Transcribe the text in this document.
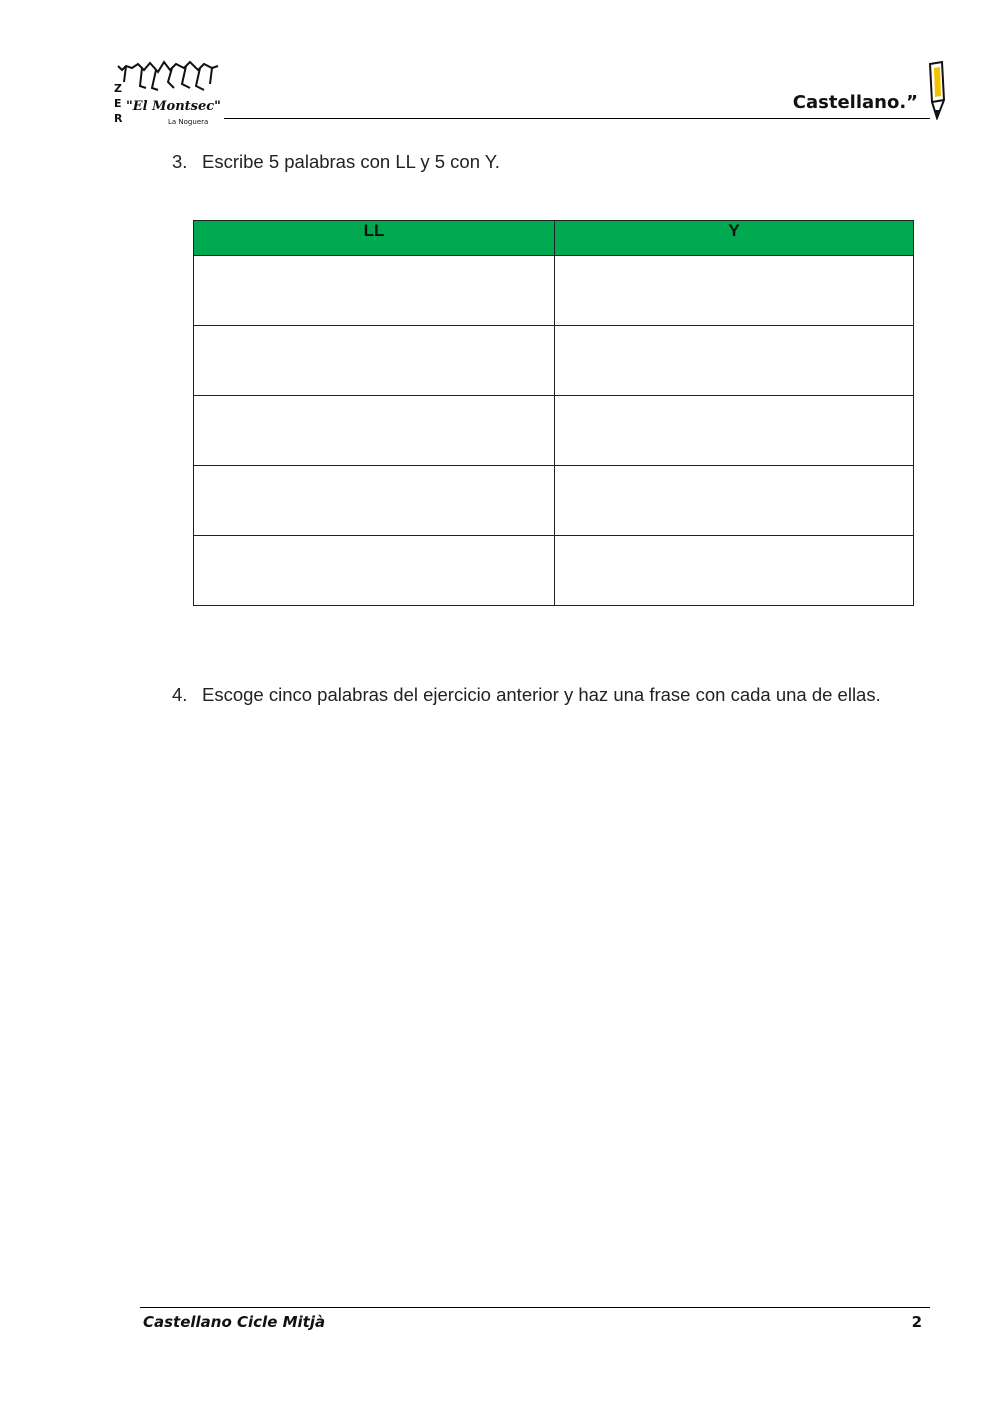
Z
E
R
"El Montsec"
La Noguera
Castellano.”
3. Escribe 5 palabras con LL y 5 con Y.
LL	Y

4. Escoge cinco palabras del ejercicio anterior y haz una frase con cada una de ellas.
Castellano Cicle Mitjà	2
